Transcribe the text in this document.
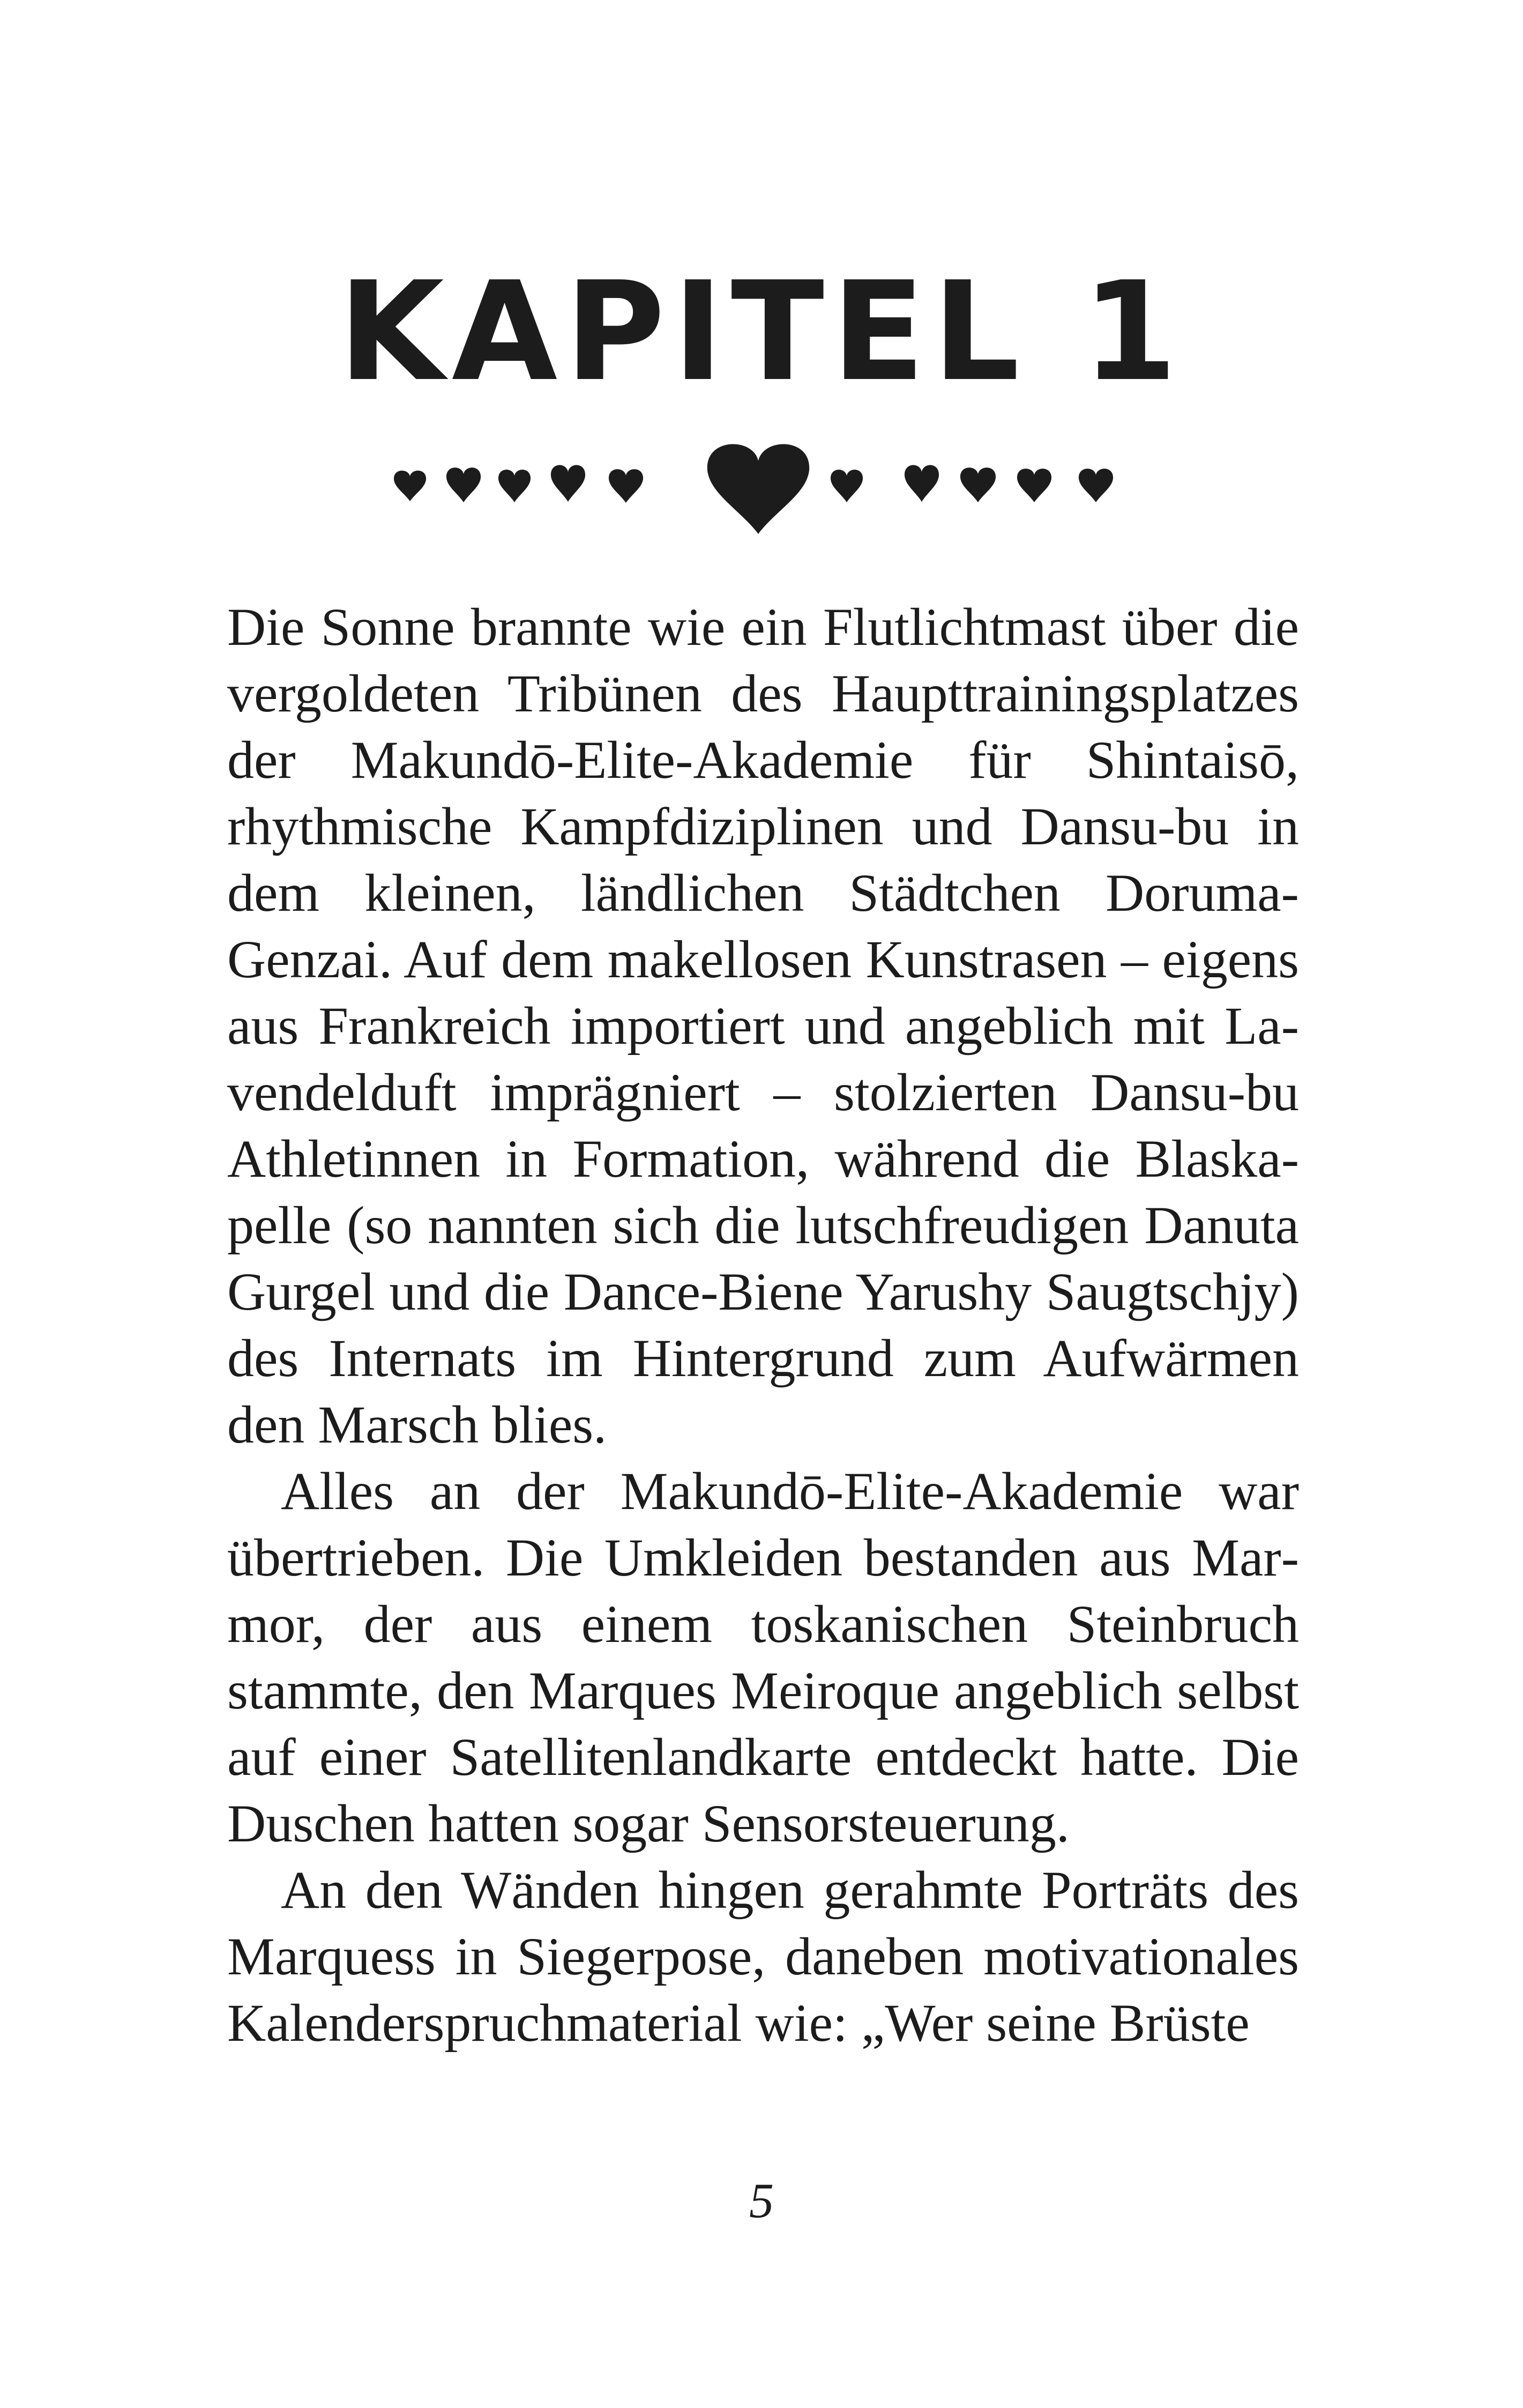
KAPITEL 1

Die Sonne brannte wie ein Flutlichtmast über die vergoldeten Tribünen des Haupttrainingsplatzes der Makundō-Elite-Akademie für Shintaisō, rhythmische Kampfdiziplinen und Dansu-bu in dem kleinen, ländlichen Städtchen Doruma-Genzai. Auf dem makellosen Kunstrasen – eigens aus Frankreich importiert und angeblich mit Lavendelduft imprägniert – stolzierten Dansu-bu Athletinnen in Formation, während die Blaskapelle (so nannten sich die lutschfreudigen Danuta Gurgel und die Dance-Biene Yarushy Saugtschjy) des Internats im Hintergrund zum Aufwärmen den Marsch blies.

Alles an der Makundō-Elite-Akademie war übertrieben. Die Umkleiden bestanden aus Marmor, der aus einem toskanischen Steinbruch stammte, den Marques Meiroque angeblich selbst auf einer Satellitenlandkarte entdeckt hatte. Die Duschen hatten sogar Sensorsteuerung.

An den Wänden hingen gerahmte Porträts des Marquess in Siegerpose, daneben motivationales Kalenderspruchmaterial wie: „Wer seine Brüste

5
